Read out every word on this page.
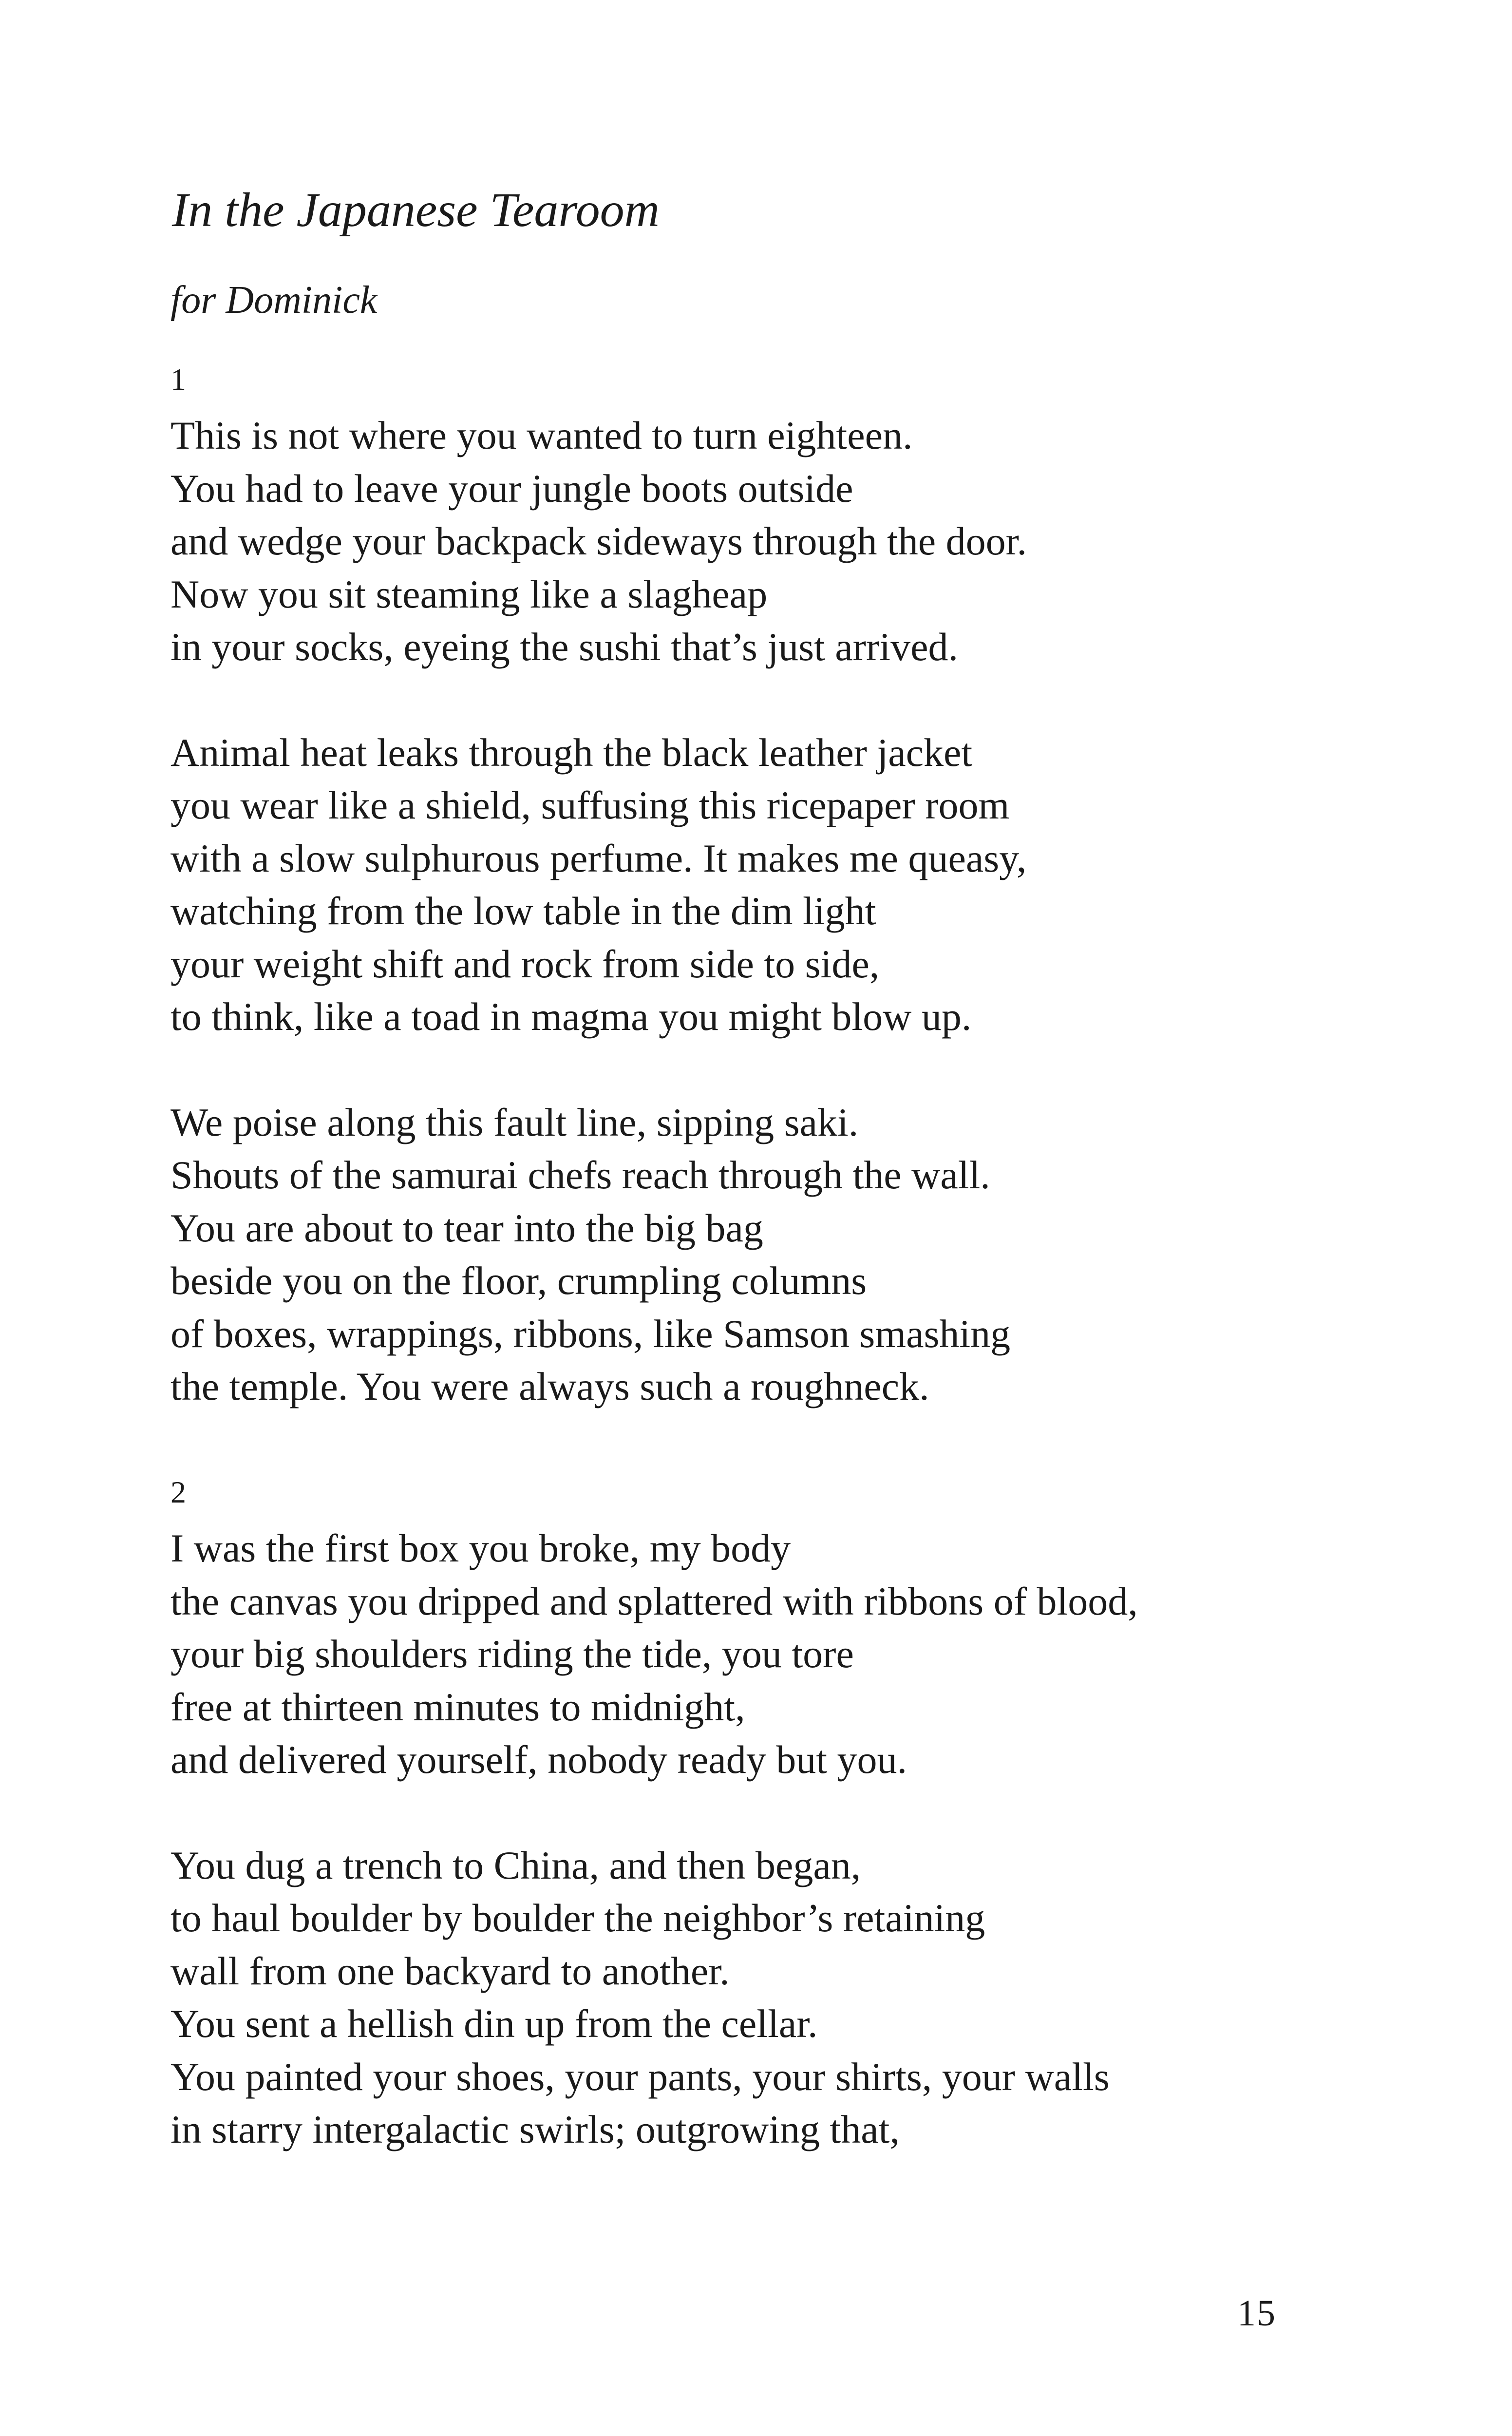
In the Japanese Tearoom
for Dominick
1
This is not where you wanted to turn eighteen.
You had to leave your jungle boots outside
and wedge your backpack sideways through the door.
Now you sit steaming like a slagheap
in your socks, eyeing the sushi that’s just arrived.
Animal heat leaks through the black leather jacket
you wear like a shield, suffusing this ricepaper room
with a slow sulphurous perfume. It makes me queasy,
watching from the low table in the dim light
your weight shift and rock from side to side,
to think, like a toad in magma you might blow up.
We poise along this fault line, sipping saki.
Shouts of the samurai chefs reach through the wall.
You are about to tear into the big bag
beside you on the floor, crumpling columns
of boxes, wrappings, ribbons, like Samson smashing
the temple. You were always such a roughneck.
2
I was the first box you broke, my body
the canvas you dripped and splattered with ribbons of blood,
your big shoulders riding the tide, you tore
free at thirteen minutes to midnight,
and delivered yourself, nobody ready but you.
You dug a trench to China, and then began,
to haul boulder by boulder the neighbor’s retaining
wall from one backyard to another.
You sent a hellish din up from the cellar.
You painted your shoes, your pants, your shirts, your walls
in starry intergalactic swirls; outgrowing that,
15
